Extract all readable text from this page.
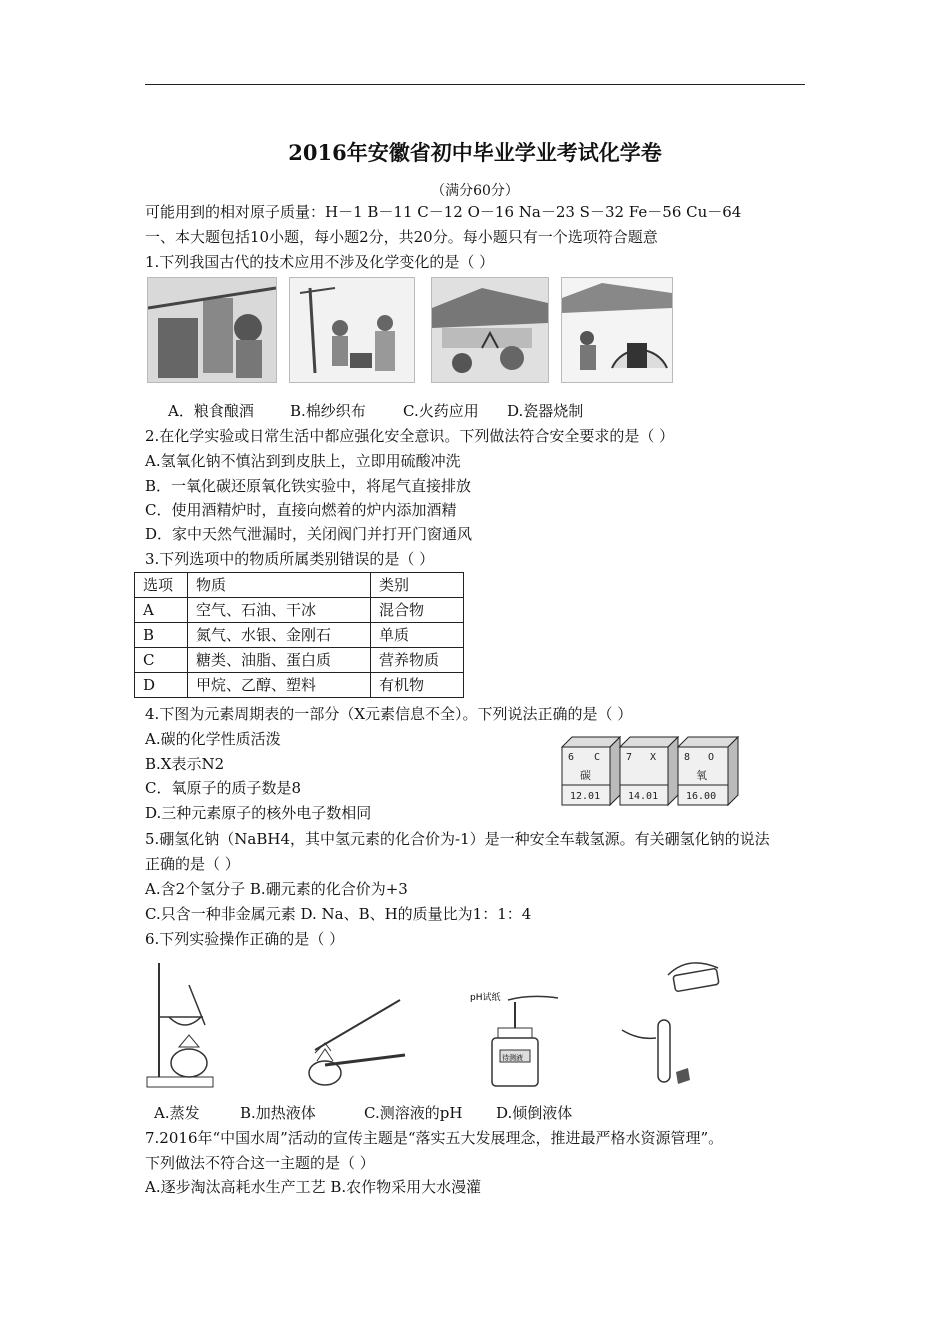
2016年安徽省初中毕业学业考试化学卷
（满分60分）
可能用到的相对原子质量：H－1 B－11 C－12 O－16 Na－23 S－32 Fe－56 Cu－64
一、本大题包括10小题，每小题2分，共20分。每小题只有一个选项符合题意
1.下列我国古代的技术应用不涉及化学变化的是（ ）
A．粮食酿酒 B.棉纱织布 C.火药应用 D.瓷器烧制
2.在化学实验或日常生活中都应强化安全意识。下列做法符合安全要求的是（ ）
A.氢氧化钠不慎沾到到皮肤上，立即用硫酸冲洗
B．一氧化碳还原氧化铁实验中，将尾气直接排放
C．使用酒精炉时，直接向燃着的炉内添加酒精
D．家中天然气泄漏时，关闭阀门并打开门窗通风
3.下列选项中的物质所属类别错误的是（ ）
选项	物质	类别
A	空气、石油、干冰	混合物
B	氮气、水银、金刚石	单质
C	糖类、油脂、蛋白质	营养物质
D	甲烷、乙醇、塑料	有机物
4.下图为元素周期表的一部分（X元素信息不全）。下列说法正确的是（ ）
A.碳的化学性质活泼
B.X表示N2
C．氧原子的质子数是8
D.三种元素原子的核外电子数相同
6 C
碳
12.01
7 X
14.01
8 O
氧
16.00
5.硼氢化钠（NaBH4，其中氢元素的化合价为-1）是一种安全车载氢源。有关硼氢化钠的说法
正确的是（ ）
A.含2个氢分子 B.硼元素的化合价为+3
C.只含一种非金属元素 D. Na、B、H的质量比为1：1：4
6.下列实验操作正确的是（ ）
pH试纸
待测液
A.蒸发	B.加热液体	C.测溶液的pH D.倾倒液体
7.2016年“中国水周”活动的宣传主题是“落实五大发展理念，推进最严格水资源管理”。
下列做法不符合这一主题的是（ ）
A.逐步淘汰高耗水生产工艺 B.农作物采用大水漫灌
